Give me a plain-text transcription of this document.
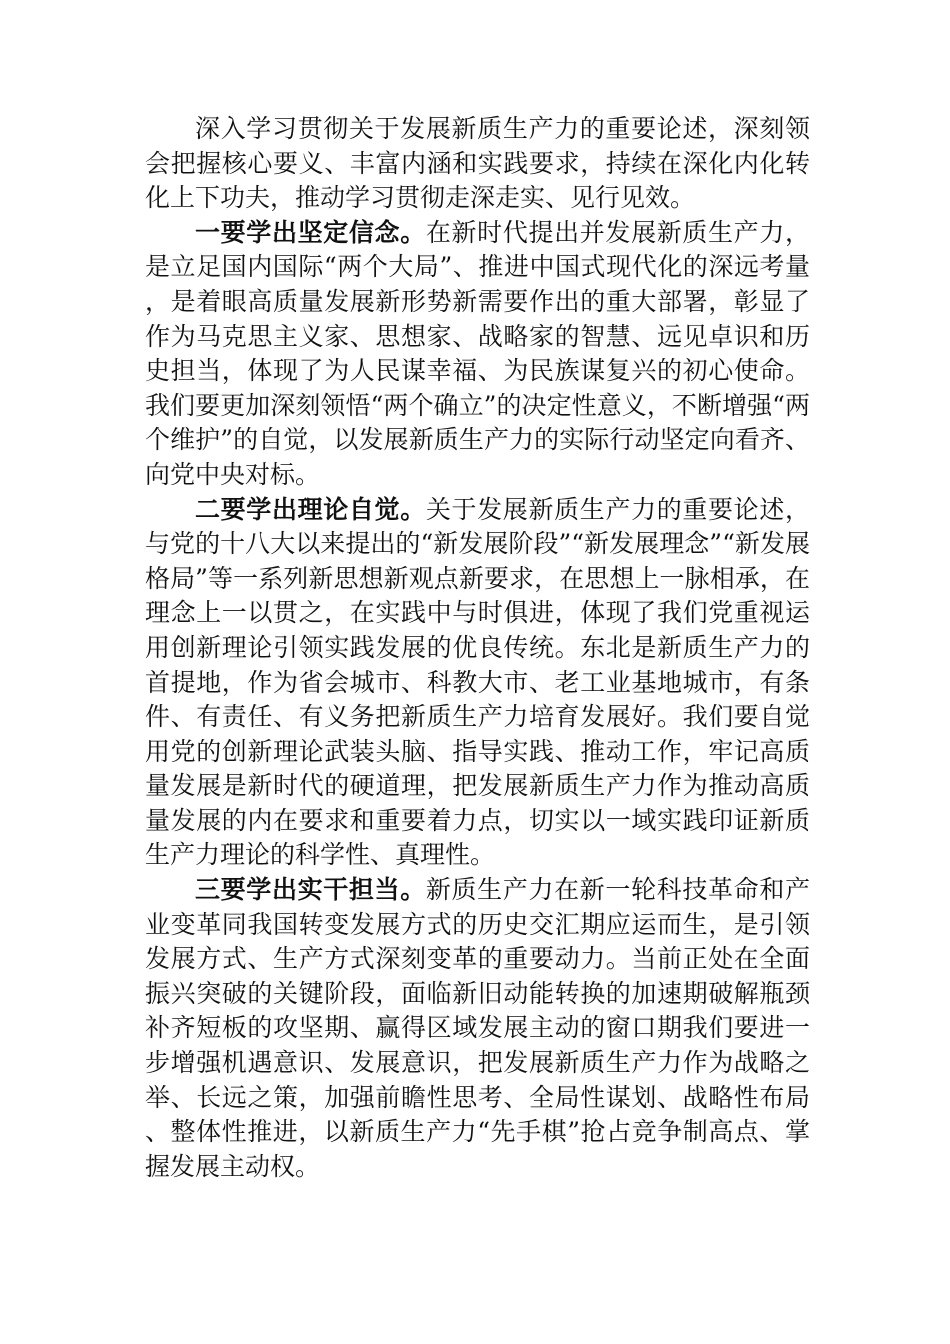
深入学习贯彻关于发展新质生产力的重要论述，深刻领会把握核心要义、丰富内涵和实践要求，持续在深化内化转化上下功夫，推动学习贯彻走深走实、见行见效。

一要学出坚定信念。在新时代提出并发展新质生产力，是立足国内国际“两个大局”、推进中国式现代化的深远考量，是着眼高质量发展新形势新需要作出的重大部署，彰显了作为马克思主义家、思想家、战略家的智慧、远见卓识和历史担当，体现了为人民谋幸福、为民族谋复兴的初心使命。我们要更加深刻领悟“两个确立”的决定性意义，不断增强“两个维护”的自觉，以发展新质生产力的实际行动坚定向看齐、向党中央对标。

二要学出理论自觉。关于发展新质生产力的重要论述，与党的十八大以来提出的“新发展阶段”“新发展理念”“新发展格局”等一系列新思想新观点新要求，在思想上一脉相承，在理念上一以贯之，在实践中与时俱进，体现了我们党重视运用创新理论引领实践发展的优良传统。东北是新质生产力的首提地，作为省会城市、科教大市、老工业基地城市，有条件、有责任、有义务把新质生产力培育发展好。我们要自觉用党的创新理论武装头脑、指导实践、推动工作，牢记高质量发展是新时代的硬道理，把发展新质生产力作为推动高质量发展的内在要求和重要着力点，切实以一域实践印证新质生产力理论的科学性、真理性。

三要学出实干担当。新质生产力在新一轮科技革命和产业变革同我国转变发展方式的历史交汇期应运而生，是引领发展方式、生产方式深刻变革的重要动力。当前正处在全面振兴突破的关键阶段，面临新旧动能转换的加速期破解瓶颈补齐短板的攻坚期、赢得区域发展主动的窗口期我们要进一步增强机遇意识、发展意识，把发展新质生产力作为战略之举、长远之策，加强前瞻性思考、全局性谋划、战略性布局、整体性推进，以新质生产力“先手棋”抢占竞争制高点、掌握发展主动权。
